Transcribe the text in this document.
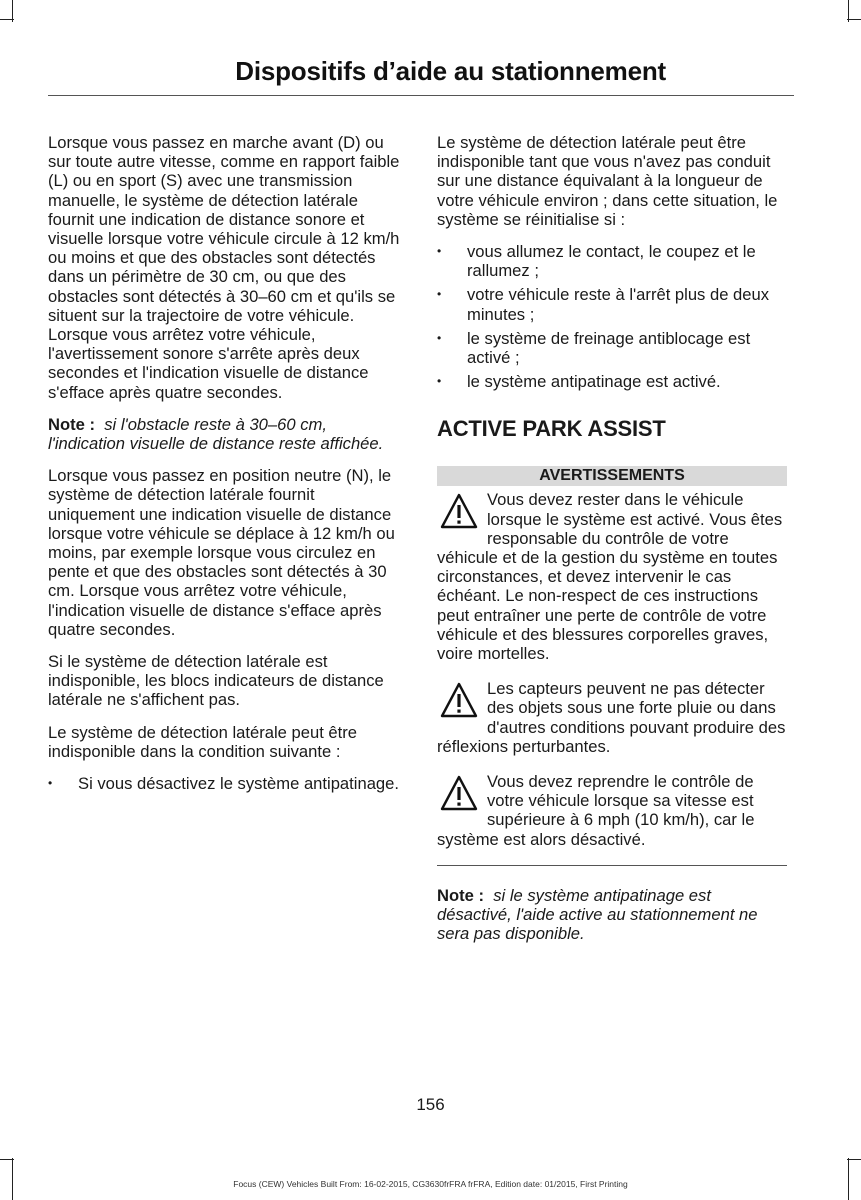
Dispositifs d’aide au stationnement

Lorsque vous passez en marche avant (D) ou sur toute autre vitesse, comme en rapport faible (L) ou en sport (S) avec une transmission manuelle, le système de détection latérale fournit une indication de distance sonore et visuelle lorsque votre véhicule circule à 12 km/h ou moins et que des obstacles sont détectés dans un périmètre de 30 cm, ou que des obstacles sont détectés à 30–60 cm et qu'ils se situent sur la trajectoire de votre véhicule. Lorsque vous arrêtez votre véhicule, l'avertissement sonore s'arrête après deux secondes et l'indication visuelle de distance s'efface après quatre secondes.

Note : si l'obstacle reste à 30–60 cm, l'indication visuelle de distance reste affichée.

Lorsque vous passez en position neutre (N), le système de détection latérale fournit uniquement une indication visuelle de distance lorsque votre véhicule se déplace à 12 km/h ou moins, par exemple lorsque vous circulez en pente et que des obstacles sont détectés à 30 cm. Lorsque vous arrêtez votre véhicule, l'indication visuelle de distance s'efface après quatre secondes.

Si le système de détection latérale est indisponible, les blocs indicateurs de distance latérale ne s'affichent pas.

Le système de détection latérale peut être indisponible dans la condition suivante :

• Si vous désactivez le système antipatinage.

Le système de détection latérale peut être indisponible tant que vous n'avez pas conduit sur une distance équivalant à la longueur de votre véhicule environ ; dans cette situation, le système se réinitialise si :

• vous allumez le contact, le coupez et le rallumez ;
• votre véhicule reste à l'arrêt plus de deux minutes ;
• le système de freinage antiblocage est activé ;
• le système antipatinage est activé.
ACTIVE PARK ASSIST
AVERTISSEMENTS
Vous devez rester dans le véhicule lorsque le système est activé. Vous êtes responsable du contrôle de votre véhicule et de la gestion du système en toutes circonstances, et devez intervenir le cas échéant. Le non-respect de ces instructions peut entraîner une perte de contrôle de votre véhicule et des blessures corporelles graves, voire mortelles.
Les capteurs peuvent ne pas détecter des objets sous une forte pluie ou dans d'autres conditions pouvant produire des réflexions perturbantes.
Vous devez reprendre le contrôle de votre véhicule lorsque sa vitesse est supérieure à 6 mph (10 km/h), car le système est alors désactivé.

Note : si le système antipatinage est désactivé, l'aide active au stationnement ne sera pas disponible.

156
Focus (CEW) Vehicles Built From: 16-02-2015, CG3630frFRA frFRA, Edition date: 01/2015, First Printing
